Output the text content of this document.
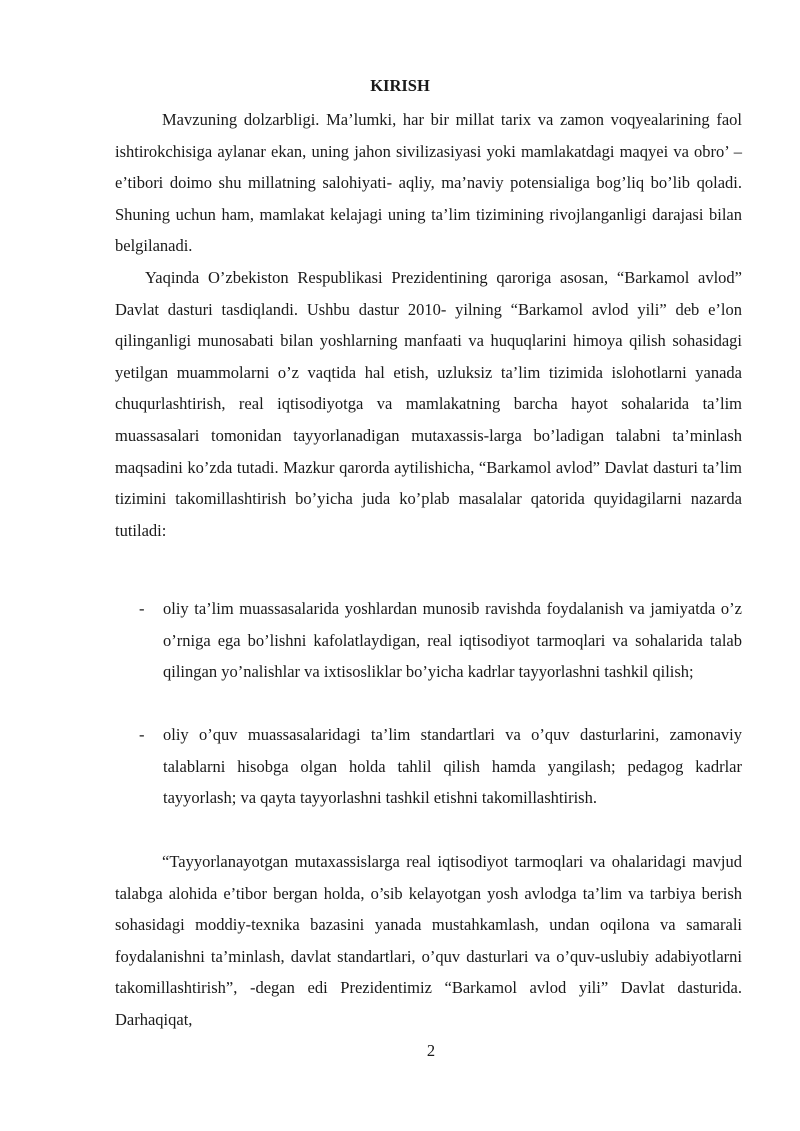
KIRISH

Mavzuning dolzarbligi. Ma’lumki, har bir millat tarix va zamon voqyealarining faol ishtirokchisiga aylanar ekan, uning jahon sivilizasiyasi yoki mamlakatdagi maqyei va obro’ – e’tibori doimo shu millatning salohiyati- aqliy, ma’naviy potensialiga bog’liq bo’lib qoladi. Shuning uchun ham, mamlakat kelajagi uning ta’lim tizimining rivojlanganligi darajasi bilan belgilanadi.

Yaqinda O’zbekiston Respublikasi Prezidentining qaroriga asosan, “Barkamol avlod” Davlat dasturi tasdiqlandi. Ushbu dastur 2010- yilning “Barkamol avlod yili” deb e’lon qilinganligi munosabati bilan yoshlarning manfaati va huquqlarini himoya qilish sohasidagi yetilgan muammolarni o’z vaqtida hal etish, uzluksiz ta’lim tizimida islohotlarni yanada chuqurlashtirish, real iqtisodiyotga va mamlakatning barcha hayot sohalarida ta’lim muassasalari tomonidan tayyorlanadigan mutaxassis-larga bo’ladigan talabni ta’minlash maqsadini ko’zda tutadi. Mazkur qarorda aytilishicha, “Barkamol avlod” Davlat dasturi ta’lim tizimini takomillashtirish bo’yicha juda ko’plab masalalar qatorida quyidagilarni nazarda tutiladi:

- oliy ta’lim muassasalarida yoshlardan munosib ravishda foydalanish va jamiyatda o’z o’rniga ega bo’lishni kafolatlaydigan, real iqtisodiyot tarmoqlari va sohalarida talab qilingan yo’nalishlar va ixtisosliklar bo’yicha kadrlar tayyorlashni tashkil qilish;
- oliy o’quv muassasalaridagi ta’lim standartlari va o’quv dasturlarini, zamonaviy talablarni hisobga olgan holda tahlil qilish hamda yangilash; pedagog kadrlar tayyorlash; va qayta tayyorlashni tashkil etishni takomillashtirish.

“Tayyorlanayotgan mutaxassislarga real iqtisodiyot tarmoqlari va ohalaridagi mavjud talabga alohida e’tibor bergan holda, o’sib kelayotgan yosh avlodga ta’lim va tarbiya berish sohasidagi moddiy-texnika bazasini yanada mustahkamlash, undan oqilona va samarali foydalanishni ta’minlash, davlat standartlari, o’quv dasturlari va o’quv-uslubiy adabiyotlarni takomillashtirish”, -degan edi Prezidentimiz “Barkamol avlod yili” Davlat dasturida. Darhaqiqat,

2
